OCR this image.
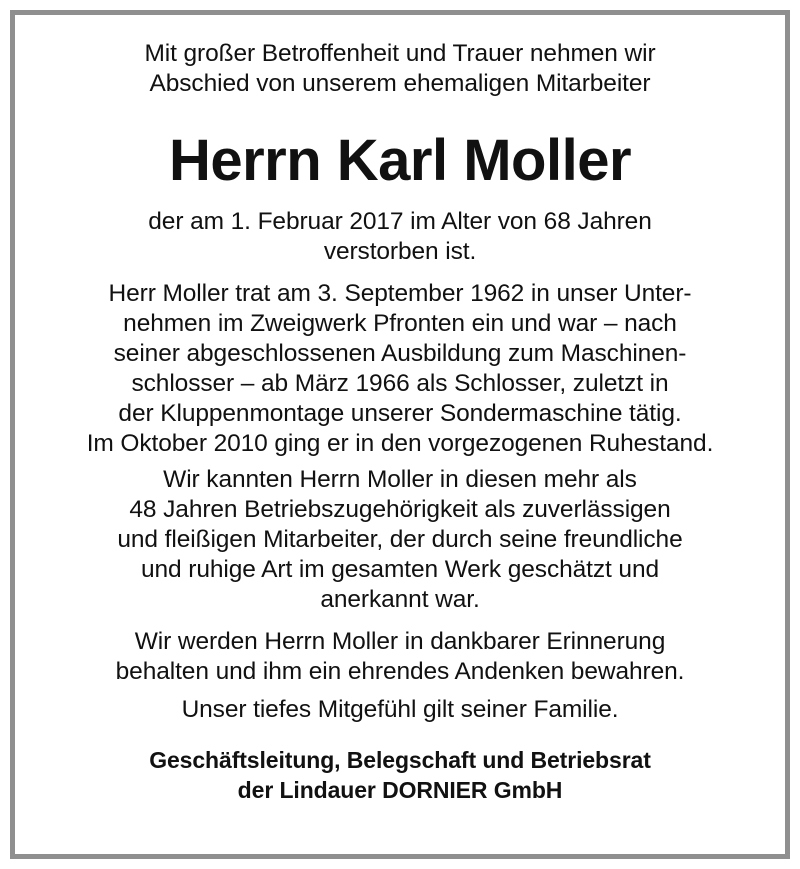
Mit großer Betroffenheit und Trauer nehmen wir
Abschied von unserem ehemaligen Mitarbeiter

Herrn Karl Moller

der am 1. Februar 2017 im Alter von 68 Jahren
verstorben ist.

Herr Moller trat am 3. September 1962 in unser Unter-
nehmen im Zweigwerk Pfronten ein und war – nach
seiner abgeschlossenen Ausbildung zum Maschinen-
schlosser – ab März 1966 als Schlosser, zuletzt in
der Kluppenmontage unserer Sondermaschine tätig.
Im Oktober 2010 ging er in den vorgezogenen Ruhestand.

Wir kannten Herrn Moller in diesen mehr als
48 Jahren Betriebszugehörigkeit als zuverlässigen
und fleißigen Mitarbeiter, der durch seine freundliche
und ruhige Art im gesamten Werk geschätzt und
anerkannt war.

Wir werden Herrn Moller in dankbarer Erinnerung
behalten und ihm ein ehrendes Andenken bewahren.

Unser tiefes Mitgefühl gilt seiner Familie.

Geschäftsleitung, Belegschaft und Betriebsrat
der Lindauer DORNIER GmbH
